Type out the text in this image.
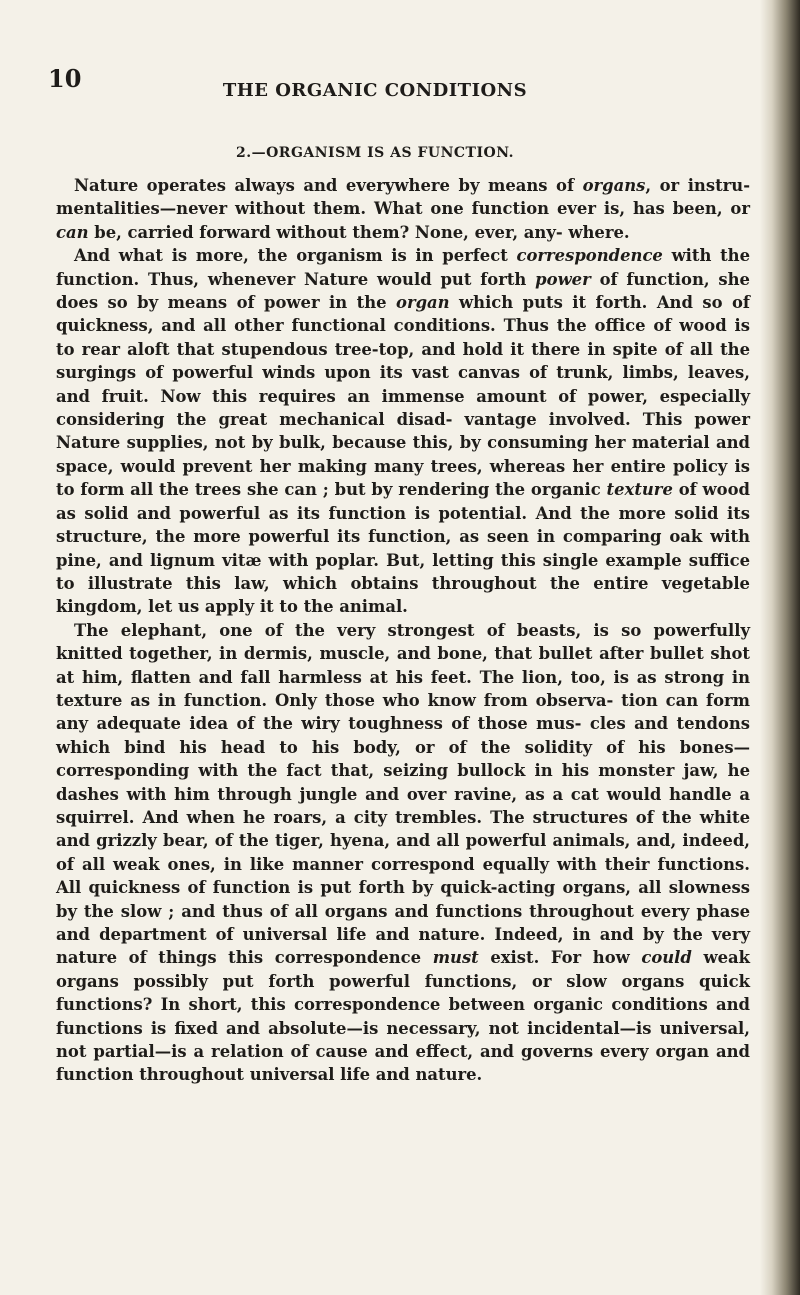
10	THE ORGANIC CONDITIONS
2.—ORGANISM IS AS FUNCTION.

Nature operates always and everywhere by means of organs, or instru- mentalities—never without them. What one function ever is, has been, or can be, carried forward without them? None, ever, any- where.

And what is more, the organism is in perfect correspondence with the function. Thus, whenever Nature would put forth power of function, she does so by means of power in the organ which puts it forth. And so of quickness, and all other functional conditions. Thus the office of wood is to rear aloft that stupendous tree-top, and hold it there in spite of all the surgings of powerful winds upon its vast canvas of trunk, limbs, leaves, and fruit. Now this requires an immense amount of power, especially considering the great mechanical disad- vantage involved. This power Nature supplies, not by bulk, because this, by consuming her material and space, would prevent her making many trees, whereas her entire policy is to form all the trees she can ; but by rendering the organic texture of wood as solid and powerful as its function is potential. And the more solid its structure, the more powerful its function, as seen in comparing oak with pine, and lignum vitæ with poplar. But, letting this single example suffice to illustrate this law, which obtains throughout the entire vegetable kingdom, let us apply it to the animal.

The elephant, one of the very strongest of beasts, is so powerfully knitted together, in dermis, muscle, and bone, that bullet after bullet shot at him, flatten and fall harmless at his feet. The lion, too, is as strong in texture as in function. Only those who know from observa- tion can form any adequate idea of the wiry toughness of those mus- cles and tendons which bind his head to his body, or of the solidity of his bones—corresponding with the fact that, seizing bullock in his monster jaw, he dashes with him through jungle and over ravine, as a cat would handle a squirrel. And when he roars, a city trembles. The structures of the white and grizzly bear, of the tiger, hyena, and all powerful animals, and, indeed, of all weak ones, in like manner correspond equally with their functions. All quickness of function is put forth by quick-acting organs, all slowness by the slow ; and thus of all organs and functions throughout every phase and department of universal life and nature. Indeed, in and by the very nature of things this correspondence must exist. For how could weak organs possibly put forth powerful functions, or slow organs quick functions? In short, this correspondence between organic conditions and functions is fixed and absolute—is necessary, not incidental—is universal, not partial—is a relation of cause and effect, and governs every organ and function throughout universal life and nature.
